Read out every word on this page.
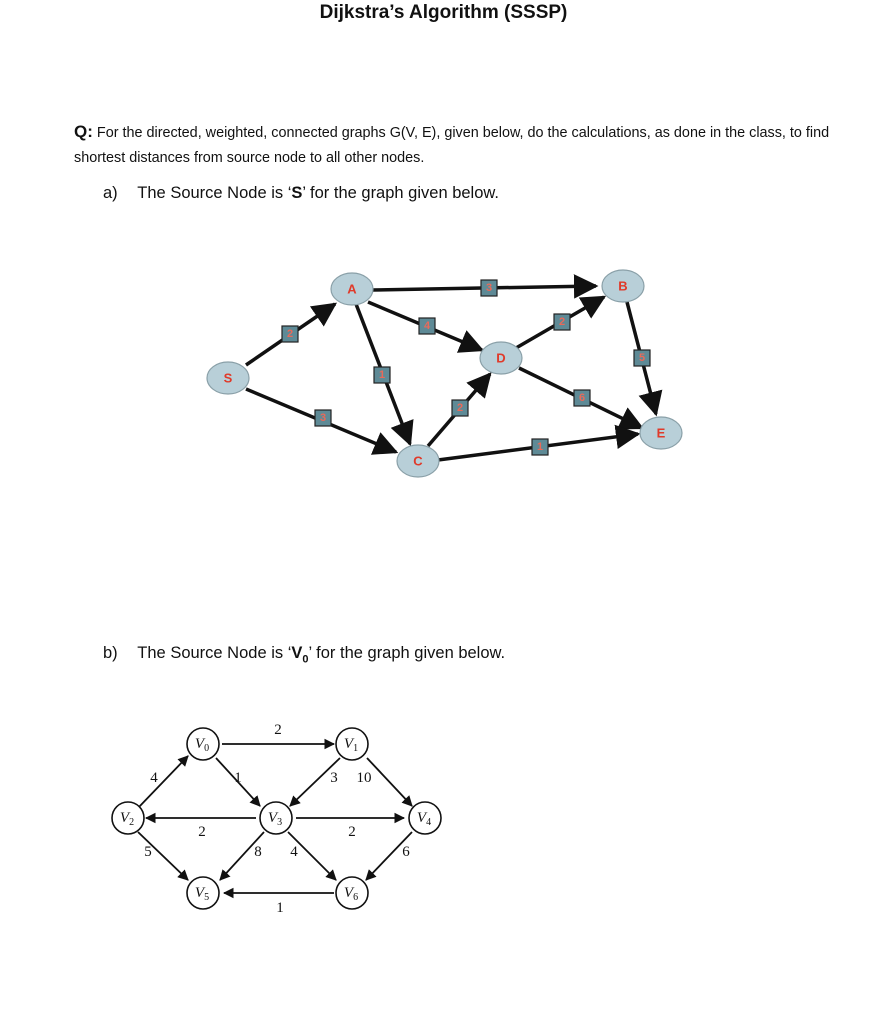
Dijkstra’s Algorithm (SSSP)
Q: For the directed, weighted, connected graphs G(V, E), given below, do the calculations, as done in the class, to find shortest distances from source node to all other nodes.
a) The Source Node is ‘S’ for the graph given below.
b) The Source Node is ‘$V_0$’ for the graph given below.
2
3
3
4
1
2
2
6
5
1
S
A	B
C
D
E
2
1
4	3 10
2	2
8 4
5	6
1
$V_0$	$V_1$
$V_2$	$V_3$	$V_4$
$V_5$	$V_6$
